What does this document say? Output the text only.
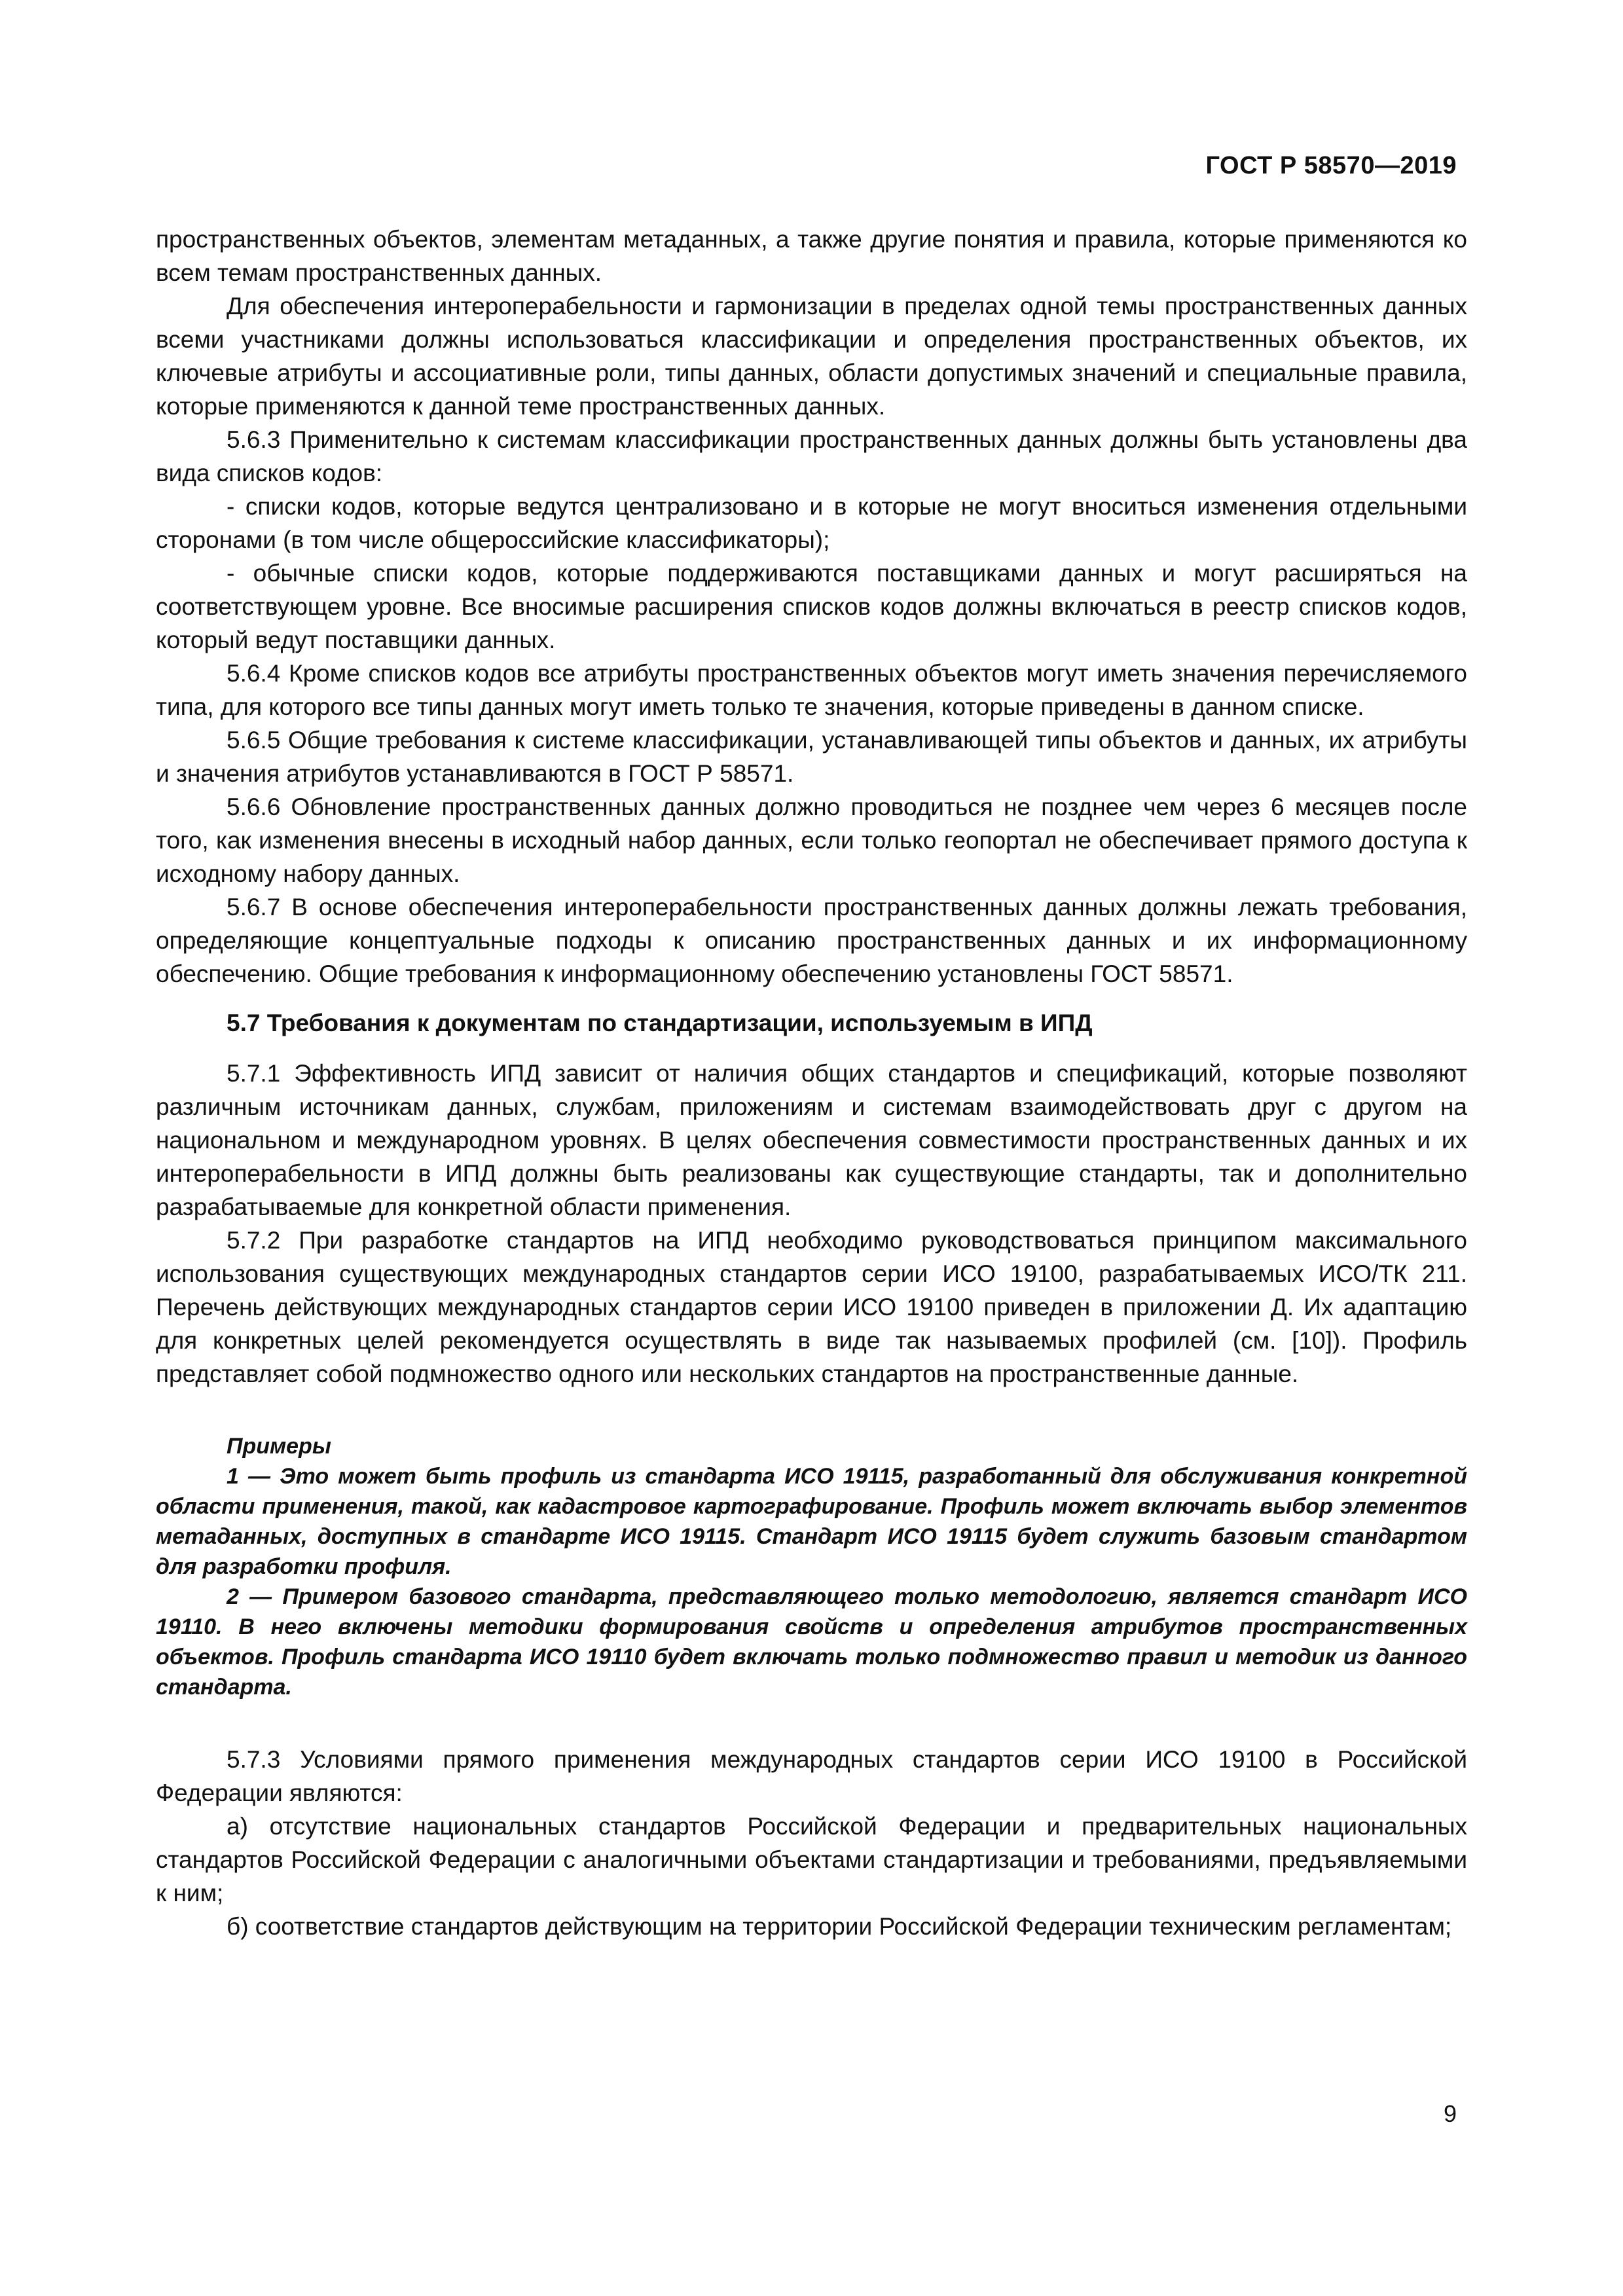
ГОСТ Р 58570—2019

пространственных объектов, элементам метаданных, а также другие понятия и правила, которые применяются ко всем темам пространственных данных.

Для обеспечения интероперабельности и гармонизации в пределах одной темы пространственных данных всеми участниками должны использоваться классификации и определения пространственных объектов, их ключевые атрибуты и ассоциативные роли, типы данных, области допустимых значений и специальные правила, которые применяются к данной теме пространственных данных.

5.6.3 Применительно к системам классификации пространственных данных должны быть установлены два вида списков кодов:

- списки кодов, которые ведутся централизовано и в которые не могут вноситься изменения отдельными сторонами (в том числе общероссийские классификаторы);

- обычные списки кодов, которые поддерживаются поставщиками данных и могут расширяться на соответствующем уровне. Все вносимые расширения списков кодов должны включаться в реестр списков кодов, который ведут поставщики данных.

5.6.4 Кроме списков кодов все атрибуты пространственных объектов могут иметь значения перечисляемого типа, для которого все типы данных могут иметь только те значения, которые приведены в данном списке.

5.6.5 Общие требования к системе классификации, устанавливающей типы объектов и данных, их атрибуты и значения атрибутов устанавливаются в ГОСТ Р 58571.

5.6.6 Обновление пространственных данных должно проводиться не позднее чем через 6 месяцев после того, как изменения внесены в исходный набор данных, если только геопортал не обеспечивает прямого доступа к исходному набору данных.

5.6.7 В основе обеспечения интероперабельности пространственных данных должны лежать требования, определяющие концептуальные подходы к описанию пространственных данных и их информационному обеспечению. Общие требования к информационному обеспечению установлены ГОСТ 58571.

5.7 Требования к документам по стандартизации, используемым в ИПД

5.7.1 Эффективность ИПД зависит от наличия общих стандартов и спецификаций, которые позволяют различным источникам данных, службам, приложениям и системам взаимодействовать друг с другом на национальном и международном уровнях. В целях обеспечения совместимости пространственных данных и их интероперабельности в ИПД должны быть реализованы как существующие стандарты, так и дополнительно разрабатываемые для конкретной области применения.

5.7.2 При разработке стандартов на ИПД необходимо руководствоваться принципом максимального использования существующих международных стандартов серии ИСО 19100, разрабатываемых ИСО/ТК 211. Перечень действующих международных стандартов серии ИСО 19100 приведен в приложении Д. Их адаптацию для конкретных целей рекомендуется осуществлять в виде так называемых профилей (см. [10]). Профиль представляет собой подмножество одного или нескольких стандартов на пространственные данные.

Примеры

1 — Это может быть профиль из стандарта ИСО 19115, разработанный для обслуживания конкретной области применения, такой, как кадастровое картографирование. Профиль может включать выбор элементов метаданных, доступных в стандарте ИСО 19115. Стандарт ИСО 19115 будет служить базовым стандартом для разработки профиля.

2 — Примером базового стандарта, представляющего только методологию, является стандарт ИСО 19110. В него включены методики формирования свойств и определения атрибутов пространственных объектов. Профиль стандарта ИСО 19110 будет включать только подмножество правил и методик из данного стандарта.

5.7.3 Условиями прямого применения международных стандартов серии ИСО 19100 в Российской Федерации являются:

а) отсутствие национальных стандартов Российской Федерации и предварительных национальных стандартов Российской Федерации с аналогичными объектами стандартизации и требованиями, предъявляемыми к ним;

б) соответствие стандартов действующим на территории Российской Федерации техническим регламентам;

9
